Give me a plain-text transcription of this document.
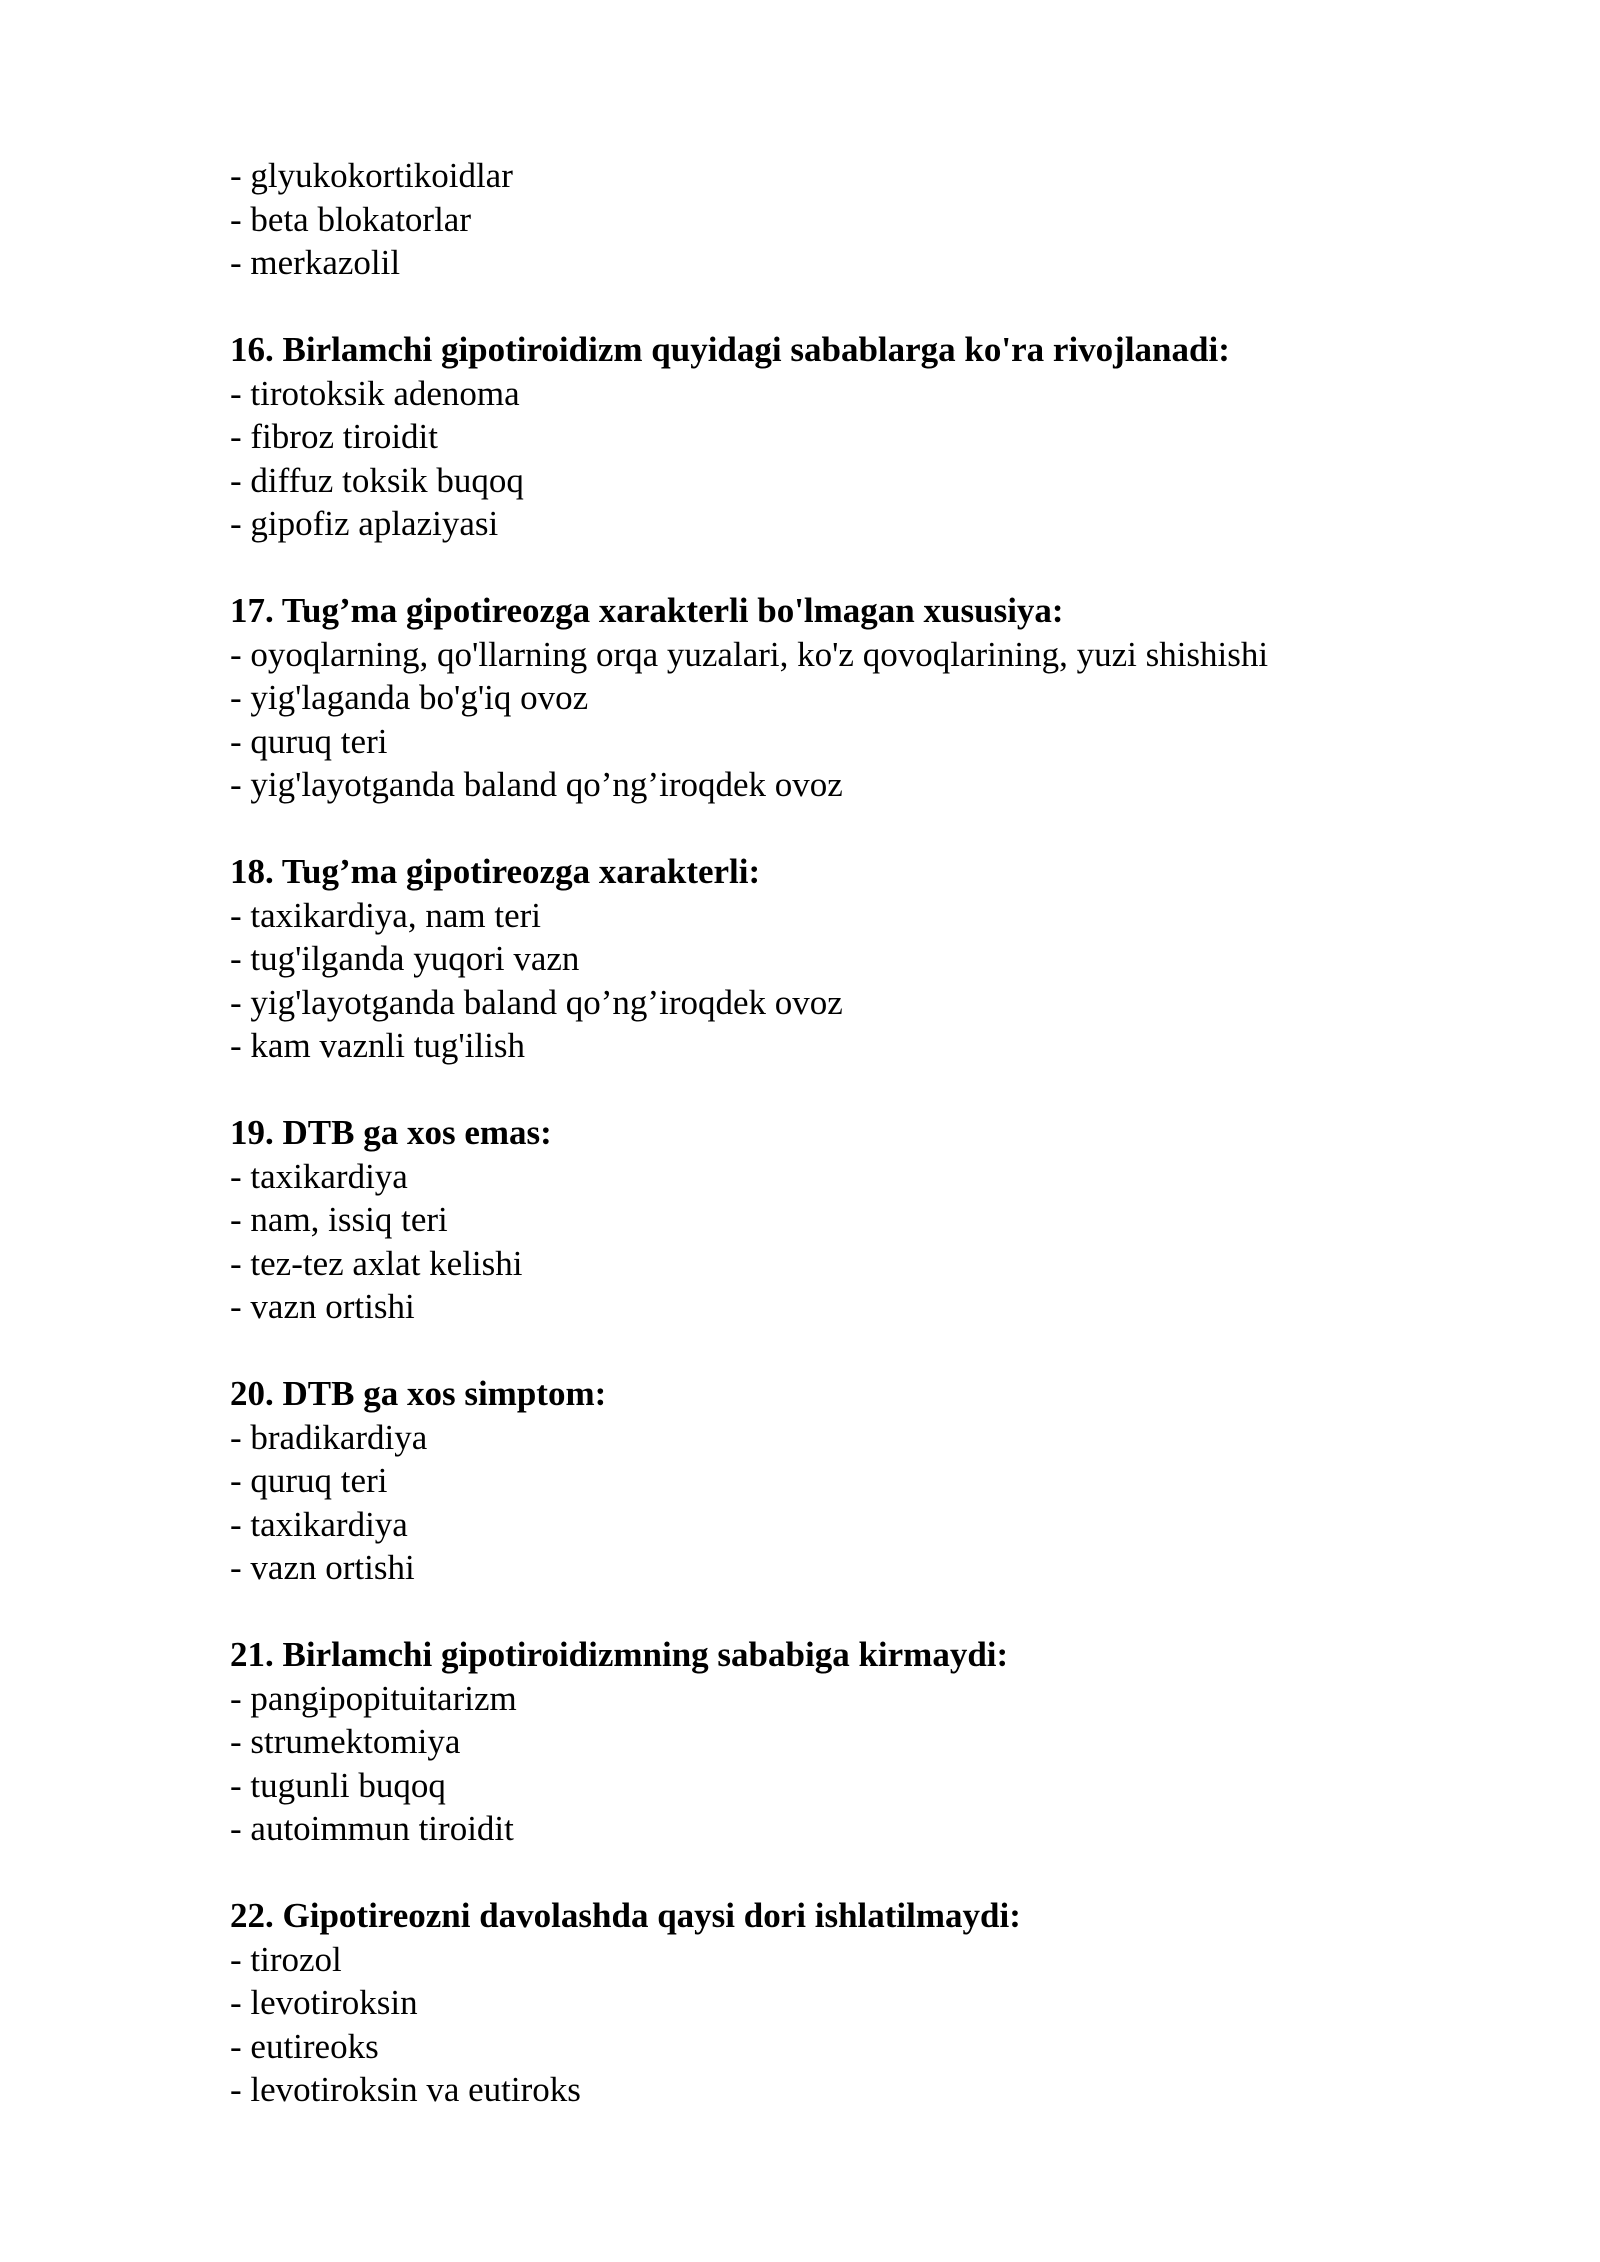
- glyukokortikoidlar

- beta blokatorlar

- merkazolil

16. Birlamchi gipotiroidizm quyidagi sabablarga ko'ra rivojlanadi:

- tirotoksik adenoma

- fibroz tiroidit

- diffuz toksik buqoq

- gipofiz aplaziyasi

17. Tug’ma gipotireozga xarakterli bo'lmagan xususiya:

- oyoqlarning, qo'llarning orqa yuzalari, ko'z qovoqlarining, yuzi shishishi

- yig'laganda bo'g'iq ovoz

- quruq teri

- yig'layotganda baland qo’ng’iroqdek ovoz

18. Tug’ma gipotireozga xarakterli:

- taxikardiya, nam teri

- tug'ilganda yuqori vazn

- yig'layotganda baland qo’ng’iroqdek ovoz

- kam vaznli tug'ilish

19. DTB ga xos emas:

- taxikardiya

- nam, issiq teri

- tez-tez axlat kelishi

- vazn ortishi

20. DTB ga xos simptom:

- bradikardiya

- quruq teri

- taxikardiya

- vazn ortishi

21. Birlamchi gipotiroidizmning sababiga kirmaydi:

- pangipopituitarizm

- strumektomiya

- tugunli buqoq

- autoimmun tiroidit

22. Gipotireozni davolashda qaysi dori ishlatilmaydi:

- tirozol

- levotiroksin

- eutireoks

- levotiroksin va eutiroks
